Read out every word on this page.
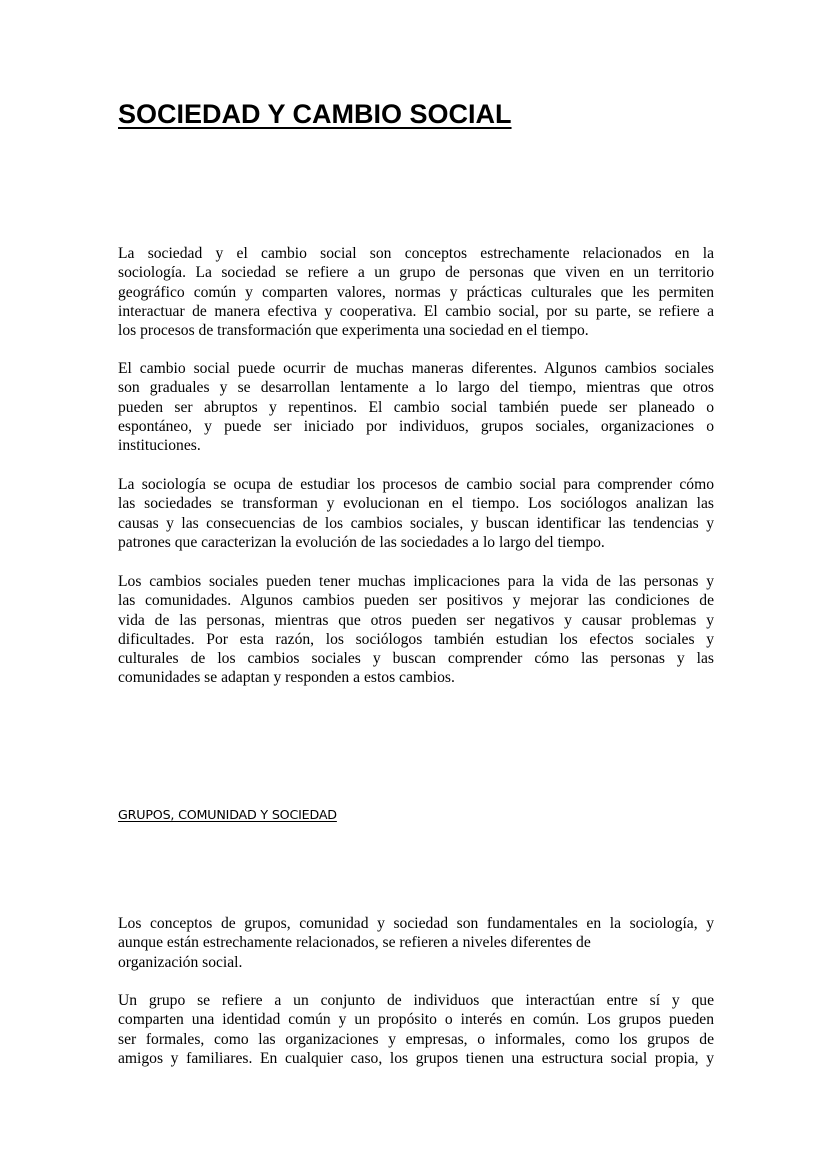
SOCIEDAD Y CAMBIO SOCIAL
La sociedad y el cambio social son conceptos estrechamente relacionados en la
sociología. La sociedad se refiere a un grupo de personas que viven en un territorio
geográfico común y comparten valores, normas y prácticas culturales que les permiten
interactuar de manera efectiva y cooperativa. El cambio social, por su parte, se refiere a
los procesos de transformación que experimenta una sociedad en el tiempo.
El cambio social puede ocurrir de muchas maneras diferentes. Algunos cambios sociales
son graduales y se desarrollan lentamente a lo largo del tiempo, mientras que otros
pueden ser abruptos y repentinos. El cambio social también puede ser planeado o
espontáneo, y puede ser iniciado por individuos, grupos sociales, organizaciones o
instituciones.
La sociología se ocupa de estudiar los procesos de cambio social para comprender cómo
las sociedades se transforman y evolucionan en el tiempo. Los sociólogos analizan las
causas y las consecuencias de los cambios sociales, y buscan identificar las tendencias y
patrones que caracterizan la evolución de las sociedades a lo largo del tiempo.
Los cambios sociales pueden tener muchas implicaciones para la vida de las personas y
las comunidades. Algunos cambios pueden ser positivos y mejorar las condiciones de
vida de las personas, mientras que otros pueden ser negativos y causar problemas y
dificultades. Por esta razón, los sociólogos también estudian los efectos sociales y
culturales de los cambios sociales y buscan comprender cómo las personas y las
comunidades se adaptan y responden a estos cambios.
GRUPOS, COMUNIDAD Y SOCIEDAD
Los conceptos de grupos, comunidad y sociedad son fundamentales en la sociología, y
aunque están estrechamente relacionados, se refieren a niveles diferentes de
organización social.
Un grupo se refiere a un conjunto de individuos que interactúan entre sí y que
comparten una identidad común y un propósito o interés en común. Los grupos pueden
ser formales, como las organizaciones y empresas, o informales, como los grupos de
amigos y familiares. En cualquier caso, los grupos tienen una estructura social propia, y
